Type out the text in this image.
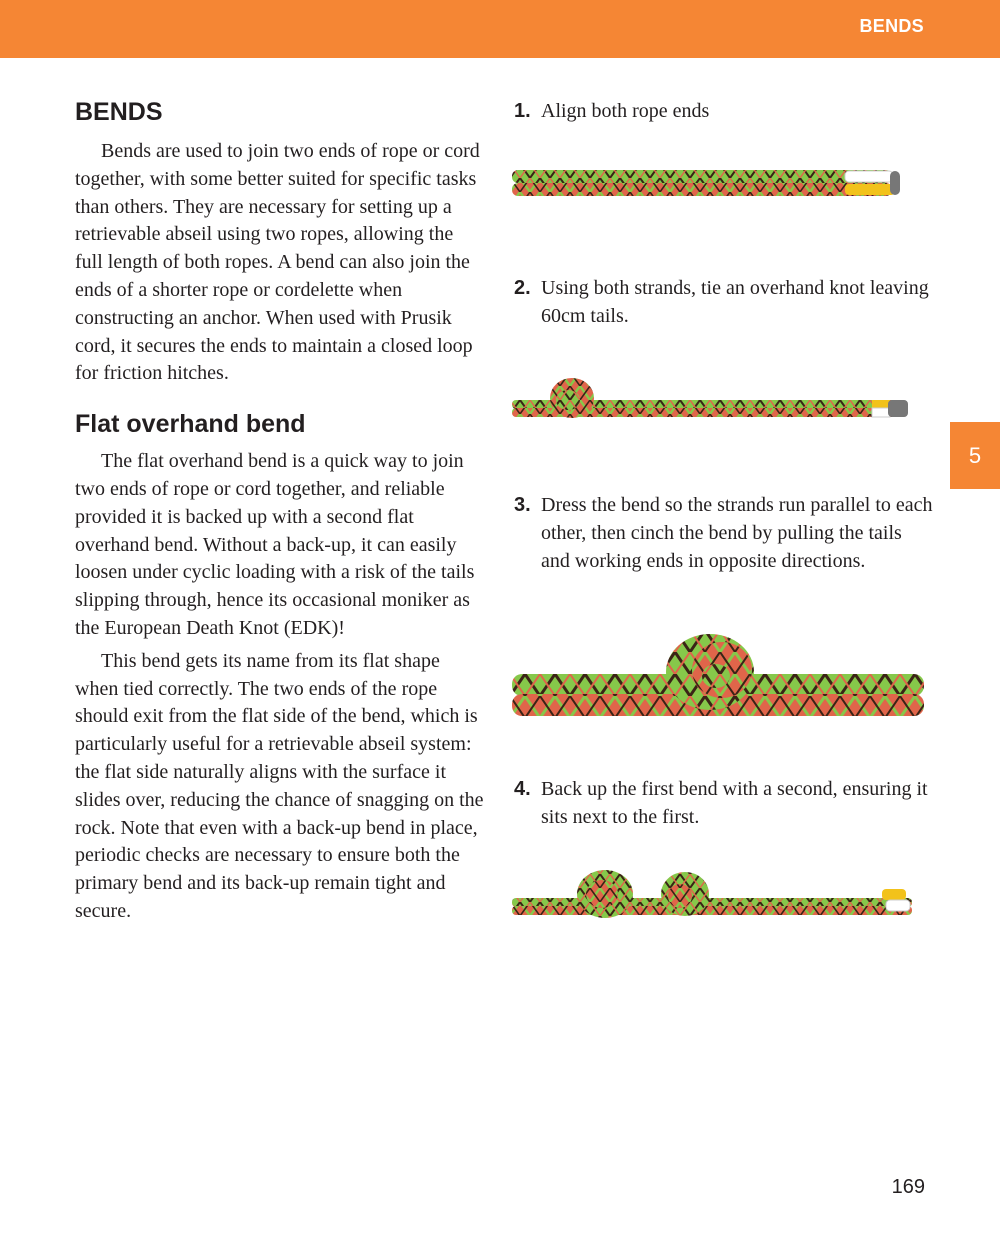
BENDS
5
BENDS

Bends are used to join two ends of rope or cord together, with some better suited for specific tasks than others. They are necessary for setting up a retrievable abseil using two ropes, allowing the full length of both ropes. A bend can also join the ends of a shorter rope or cordelette when constructing an anchor. When used with Prusik cord, it secures the ends to maintain a closed loop for friction hitches.

Flat overhand bend

The flat overhand bend is a quick way to join two ends of rope or cord together, and reliable provided it is backed up with a second flat overhand bend. Without a back-up, it can easily loosen under cyclic loading with a risk of the tails slipping through, hence its occasional moniker as the European Death Knot (EDK)!

This bend gets its name from its flat shape when tied correctly. The two ends of the rope should exit from the flat side of the bend, which is particularly useful for a retrievable abseil system: the flat side naturally aligns with the surface it slides over, reducing the chance of snagging on the rock. Note that even with a back-up bend in place, periodic checks are necessary to ensure both the primary bend and its back-up remain tight and secure.

1. Align both rope ends
2. Using both strands, tie an overhand knot leaving 60cm tails.
3. Dress the bend so the strands run parallel to each other, then cinch the bend by pulling the tails and working ends in opposite directions.
4. Back up the first bend with a second, ensuring it sits next to the first.
169
